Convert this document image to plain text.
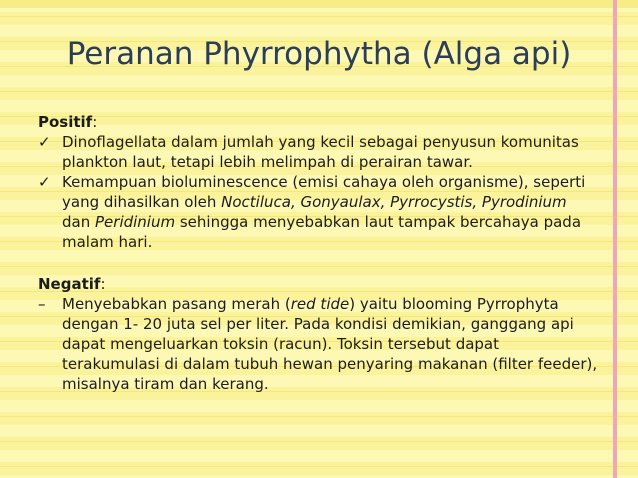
Peranan Phyrrophytha (Alga api)
Positif:
✓ Dinoflagellata dalam jumlah yang kecil sebagai penyusun komunitas plankton laut, tetapi lebih melimpah di perairan tawar.
✓ Kemampuan bioluminescence (emisi cahaya oleh organisme), seperti yang dihasilkan oleh Noctiluca, Gonyaulax, Pyrrocystis, Pyrodinium dan Peridinium sehingga menyebabkan laut tampak bercahaya pada malam hari.
Negatif:
–	Menyebabkan pasang merah (red tide) yaitu blooming Pyrrophyta dengan 1- 20 juta sel per liter. Pada kondisi demikian, ganggang api dapat mengeluarkan toksin (racun). Toksin tersebut dapat terakumulasi di dalam tubuh hewan penyaring makanan (filter feeder), misalnya tiram dan kerang.
